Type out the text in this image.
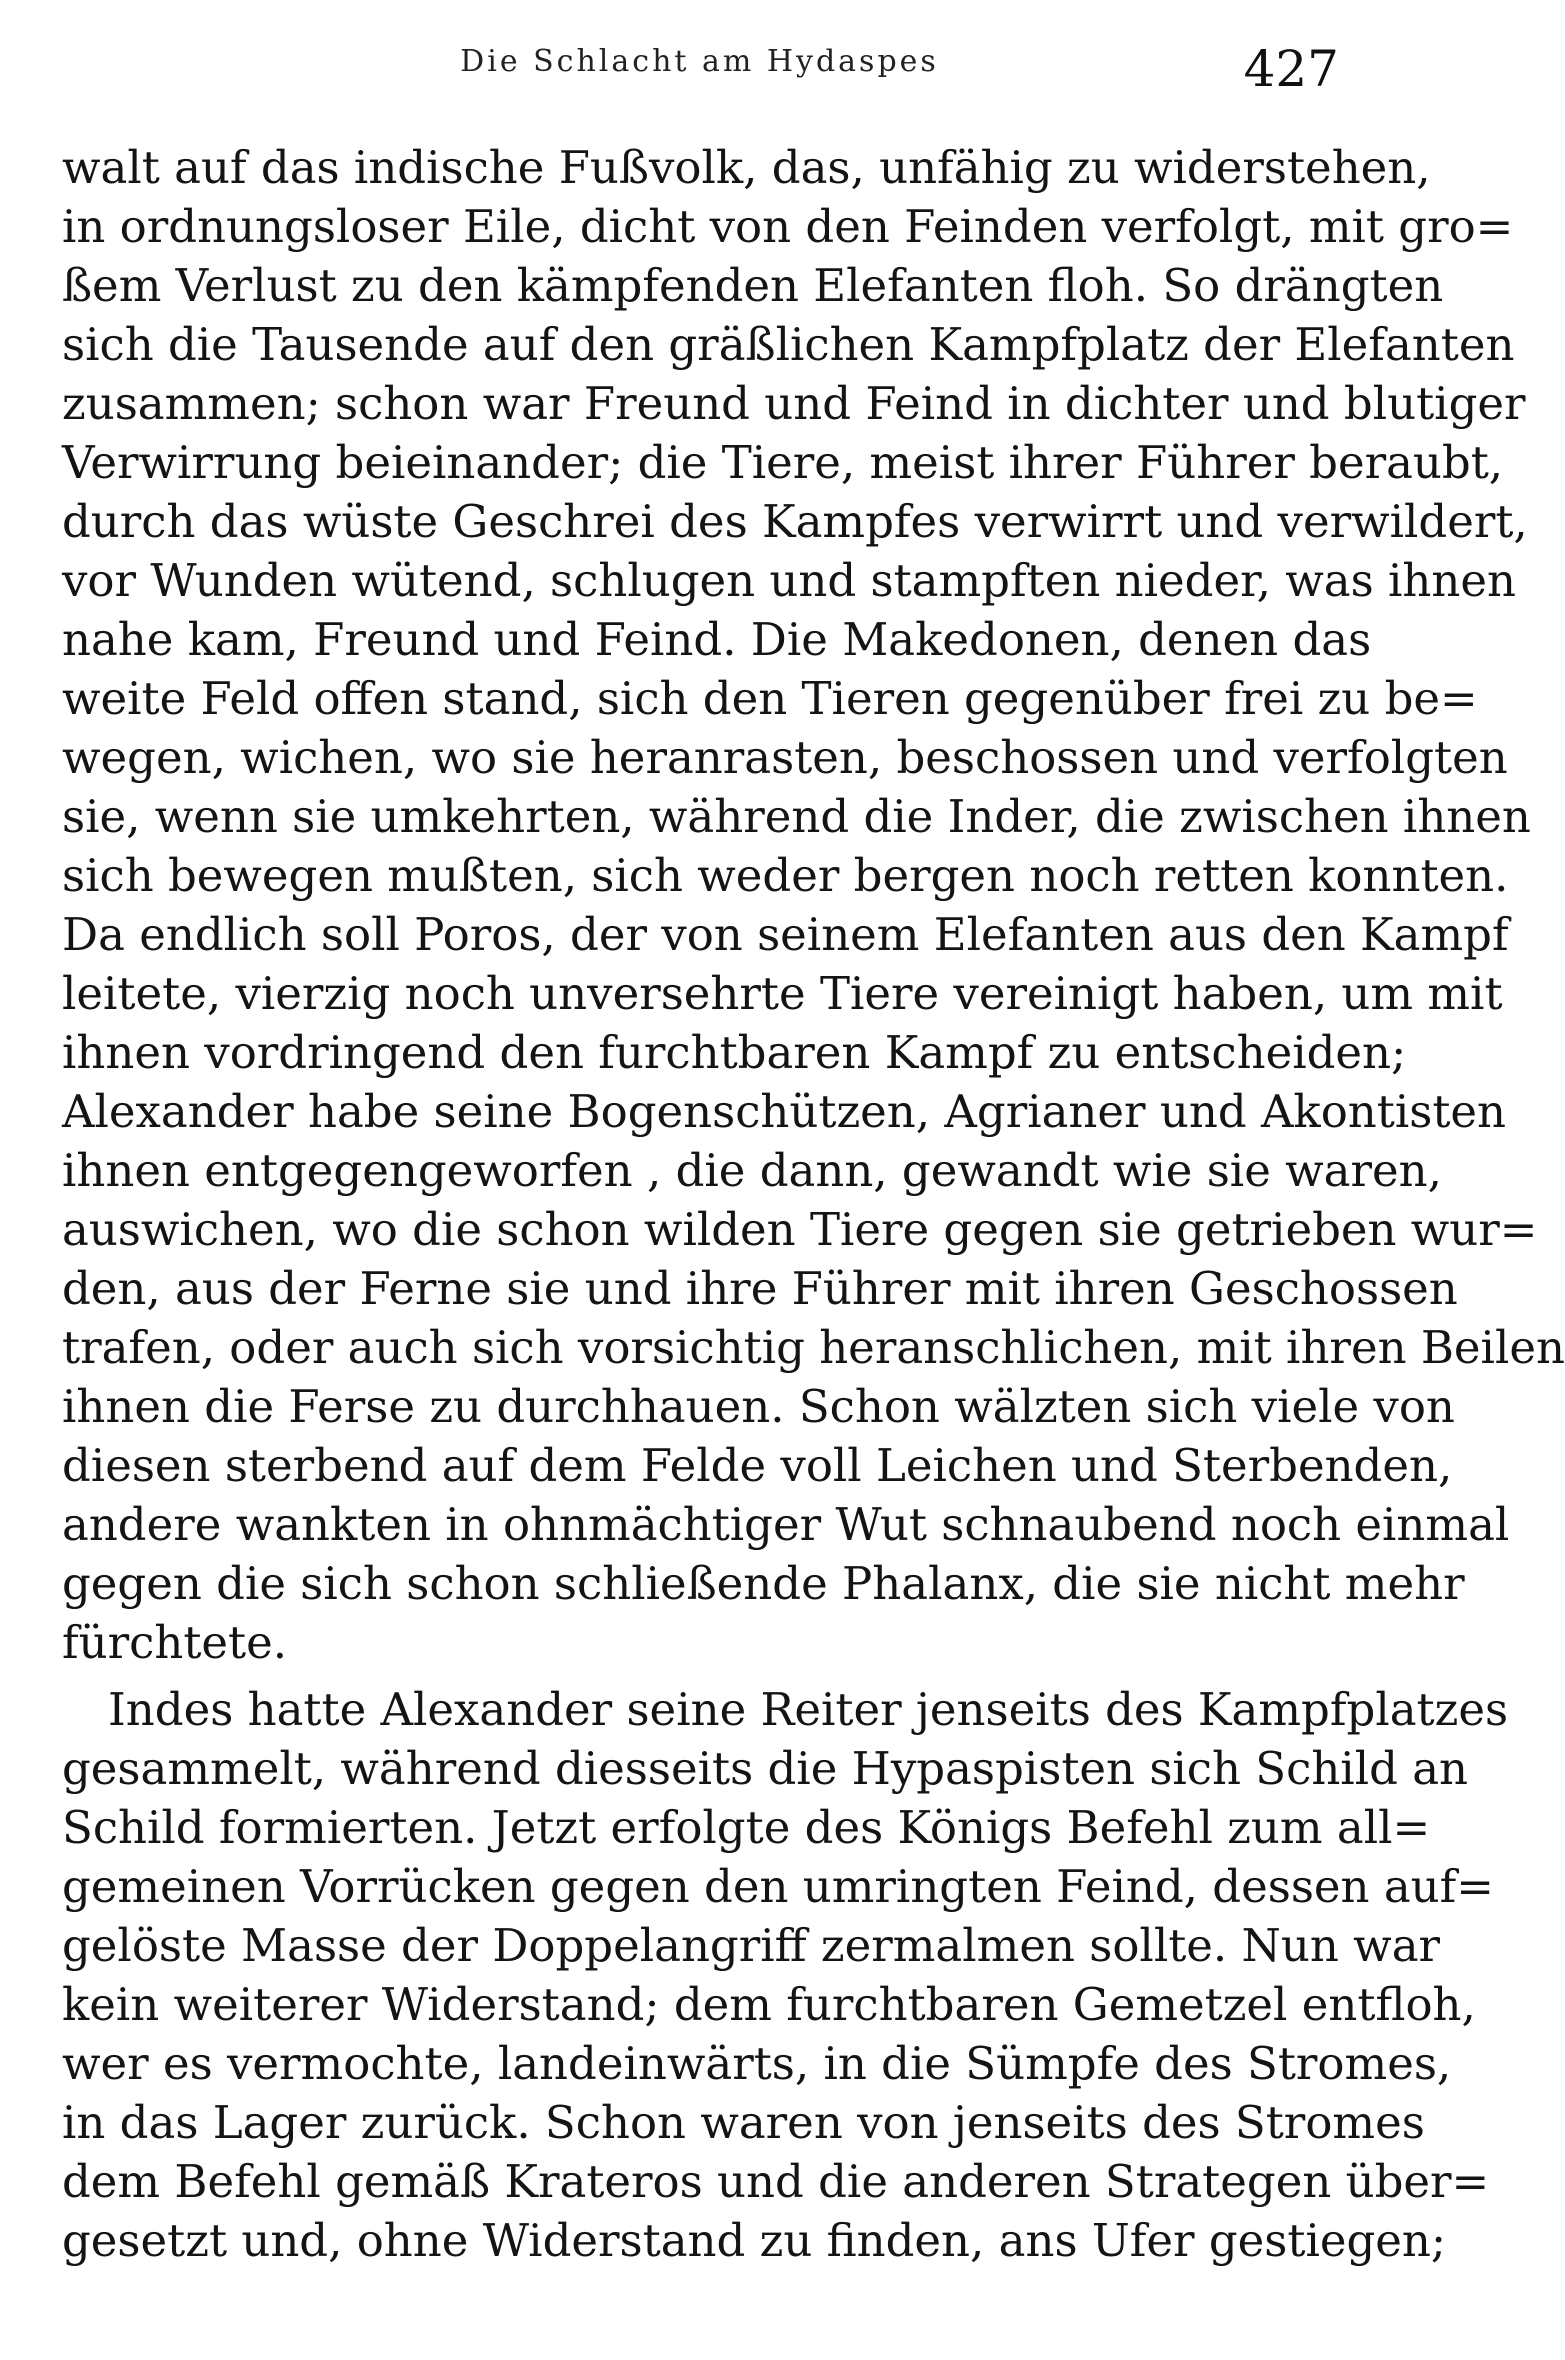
Die Schlacht am Hydaspes	427

walt auf das indische Fußvolk, das, unfähig zu widerstehen,
in ordnungsloser Eile, dicht von den Feinden verfolgt, mit gro=
ßem Verlust zu den kämpfenden Elefanten floh. So drängten
sich die Tausende auf den gräßlichen Kampfplatz der Elefanten
zusammen; schon war Freund und Feind in dichter und blutiger
Verwirrung beieinander; die Tiere, meist ihrer Führer beraubt,
durch das wüste Geschrei des Kampfes verwirrt und verwildert,
vor Wunden wütend, schlugen und stampften nieder, was ihnen
nahe kam, Freund und Feind. Die Makedonen, denen das
weite Feld offen stand, sich den Tieren gegenüber frei zu be=
wegen, wichen, wo sie heranrasten, beschossen und verfolgten
sie, wenn sie umkehrten, während die Inder, die zwischen ihnen
sich bewegen mußten, sich weder bergen noch retten konnten.
Da endlich soll Poros, der von seinem Elefanten aus den Kampf
leitete, vierzig noch unversehrte Tiere vereinigt haben, um mit
ihnen vordringend den furchtbaren Kampf zu entscheiden;
Alexander habe seine Bogenschützen, Agrianer und Akontisten
ihnen entgegengeworfen , die dann, gewandt wie sie waren,
auswichen, wo die schon wilden Tiere gegen sie getrieben wur=
den, aus der Ferne sie und ihre Führer mit ihren Geschossen
trafen, oder auch sich vorsichtig heranschlichen, mit ihren Beilen
ihnen die Ferse zu durchhauen. Schon wälzten sich viele von
diesen sterbend auf dem Felde voll Leichen und Sterbenden,
andere wankten in ohnmächtiger Wut schnaubend noch einmal
gegen die sich schon schließende Phalanx, die sie nicht mehr
fürchtete.

Indes hatte Alexander seine Reiter jenseits des Kampfplatzes
gesammelt, während diesseits die Hypaspisten sich Schild an
Schild formierten. Jetzt erfolgte des Königs Befehl zum all=
gemeinen Vorrücken gegen den umringten Feind, dessen auf=
gelöste Masse der Doppelangriff zermalmen sollte. Nun war
kein weiterer Widerstand; dem furchtbaren Gemetzel entfloh,
wer es vermochte, landeinwärts, in die Sümpfe des Stromes,
in das Lager zurück. Schon waren von jenseits des Stromes
dem Befehl gemäß Krateros und die anderen Strategen über=
gesetzt und, ohne Widerstand zu finden, ans Ufer gestiegen;
